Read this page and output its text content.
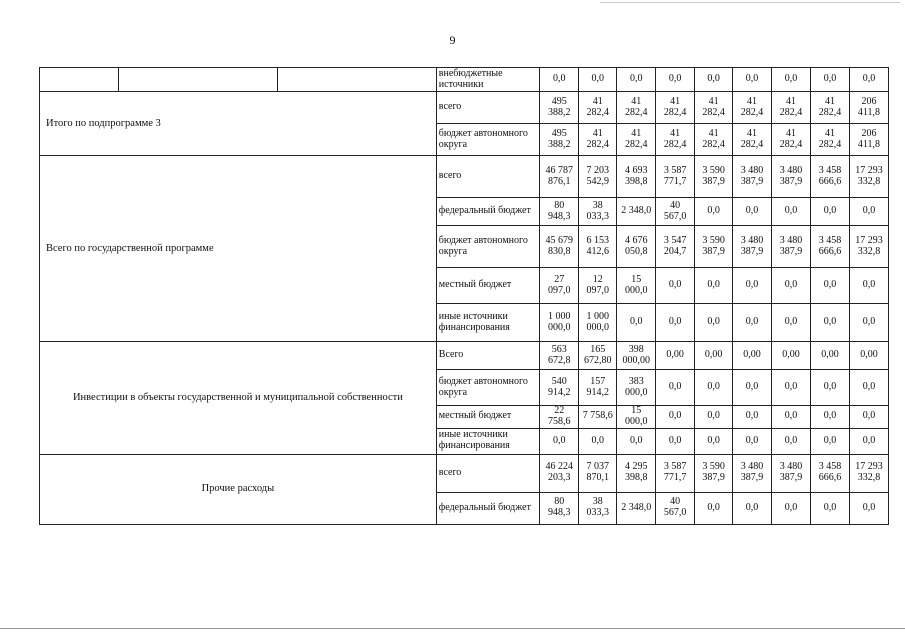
9
			внебюджетные источники	0,0	0,0	0,0	0,0	0,0	0,0	0,0	0,0	0,0
Итого по подпрограмме 3			всего	495 388,2	41 282,4	41 282,4	41 282,4	41 282,4	41 282,4	41 282,4	41 282,4	206 411,8
			бюджет автономного округа	495 388,2	41 282,4	41 282,4	41 282,4	41 282,4	41 282,4	41 282,4	41 282,4	206 411,8
Всего по государственной программе			всего	46 787 876,1	7 203 542,9	4 693 398,8	3 587 771,7	3 590 387,9	3 480 387,9	3 480 387,9	3 458 666,6	17 293 332,8
			федеральный бюджет	80 948,3	38 033,3	2 348,0	40 567,0	0,0	0,0	0,0	0,0	0,0
			бюджет автономного округа	45 679 830,8	6 153 412,6	4 676 050,8	3 547 204,7	3 590 387,9	3 480 387,9	3 480 387,9	3 458 666,6	17 293 332,8
			местный бюджет	27 097,0	12 097,0	15 000,0	0,0	0,0	0,0	0,0	0,0	0,0
			иные источники финансирования	1 000 000,0	1 000 000,0	0,0	0,0	0,0	0,0	0,0	0,0	0,0
Инвестиции в объекты государственной и муниципальной собственности			Всего	563 672,8	165 672,80	398 000,00	0,00	0,00	0,00	0,00	0,00	0,00
			бюджет автономного округа	540 914,2	157 914,2	383 000,0	0,0	0,0	0,0	0,0	0,0	0,0
			местный бюджет	22 758,6	7 758,6	15 000,0	0,0	0,0	0,0	0,0	0,0	0,0
			иные источники финансирования	0,0	0,0	0,0	0,0	0,0	0,0	0,0	0,0	0,0
Прочие расходы			всего	46 224 203,3	7 037 870,1	4 295 398,8	3 587 771,7	3 590 387,9	3 480 387,9	3 480 387,9	3 458 666,6	17 293 332,8
			федеральный бюджет	80 948,3	38 033,3	2 348,0	40 567,0	0,0	0,0	0,0	0,0	0,0
